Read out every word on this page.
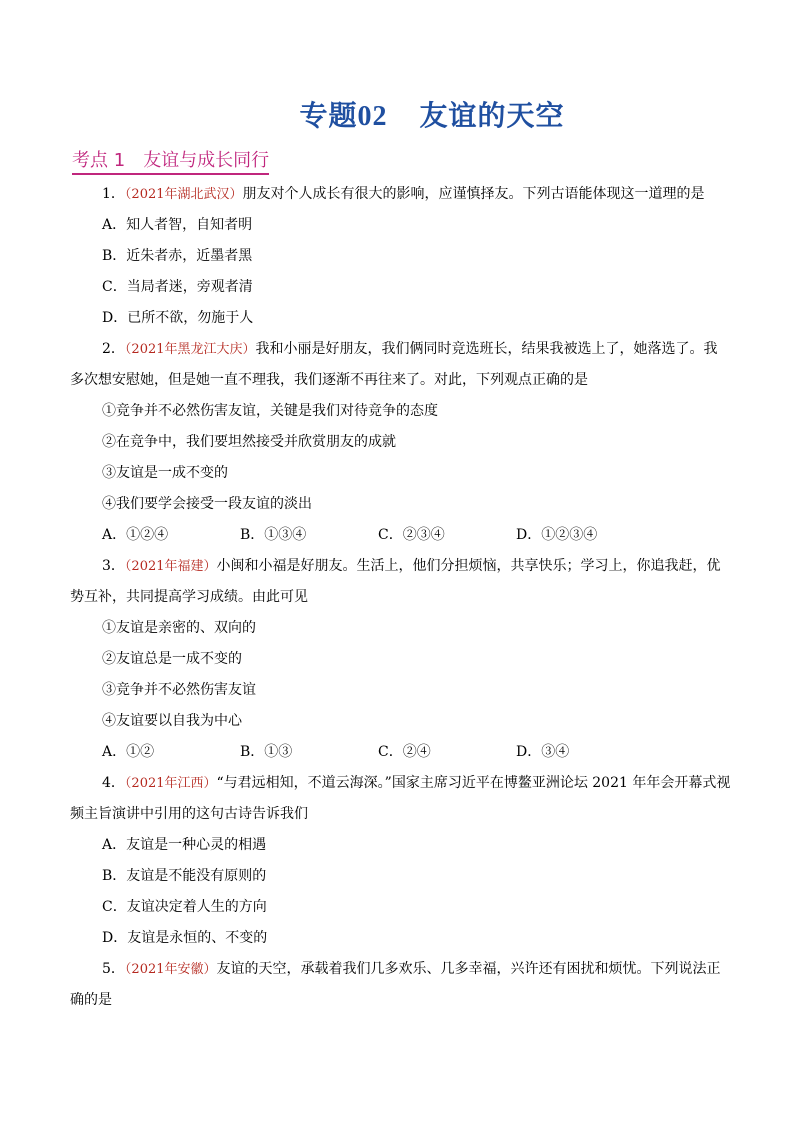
专题02 友谊的天空
考点 1 友谊与成长同行
1．（2021年湖北武汉）朋友对个人成长有很大的影响，应谨慎择友。下列古语能体现这一道理的是
A．知人者智，自知者明
B．近朱者赤，近墨者黑
C．当局者迷，旁观者清
D．已所不欲，勿施于人
2．（2021年黑龙江大庆）我和小丽是好朋友，我们俩同时竞选班长，结果我被选上了，她落选了。我
多次想安慰她，但是她一直不理我，我们逐渐不再往来了。对此，下列观点正确的是
①竞争并不必然伤害友谊，关键是我们对待竞争的态度
②在竞争中，我们要坦然接受并欣赏朋友的成就
③友谊是一成不变的
④我们要学会接受一段友谊的淡出
A．①②④	B．①③④	C．②③④	D．①②③④
3．（2021年福建）小闽和小福是好朋友。生活上，他们分担烦恼，共享快乐；学习上，你追我赶，优
势互补，共同提高学习成绩。由此可见
①友谊是亲密的、双向的
②友谊总是一成不变的
③竞争并不必然伤害友谊
④友谊要以自我为中心
A．①②	B．①③	C．②④	D．③④
4．（2021年江西）“与君远相知，不道云海深。”国家主席习近平在博鳌亚洲论坛 2021 年年会开幕式视
频主旨演讲中引用的这句古诗告诉我们
A．友谊是一种心灵的相遇
B．友谊是不能没有原则的
C．友谊决定着人生的方向
D．友谊是永恒的、不变的
5．（2021年安徽）友谊的天空，承载着我们几多欢乐、几多幸福，兴许还有困扰和烦忧。下列说法正
确的是
